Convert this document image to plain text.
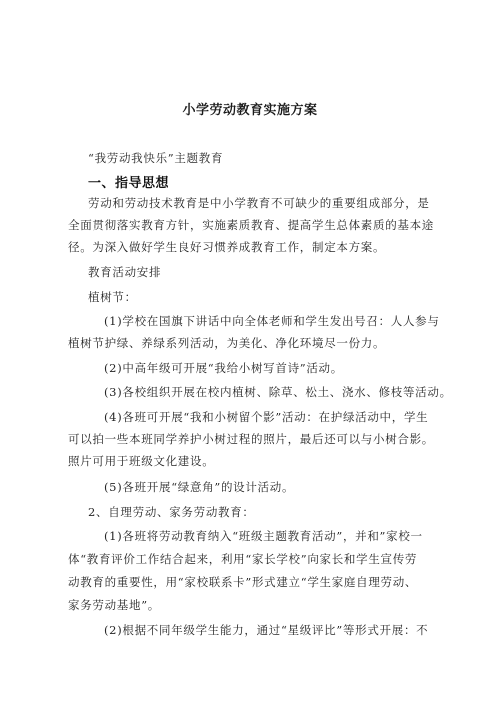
小学劳动教育实施方案
“我劳动我快乐”主题教育
一、指导思想
劳动和劳动技术教育是中小学教育不可缺少的重要组成部分，是
全面贯彻落实教育方针，实施素质教育、提高学生总体素质的基本途
径。为深入做好学生良好习惯养成教育工作，制定本方案。
教育活动安排
植树节：
(1)学校在国旗下讲话中向全体老师和学生发出号召：人人参与
植树节护绿、养绿系列活动，为美化、净化环境尽一份力。
(2)中高年级可开展“我给小树写首诗”活动。
(3)各校组织开展在校内植树、除草、松土、浇水、修枝等活动。
(4)各班可开展“我和小树留个影”活动：在护绿活动中，学生
可以拍一些本班同学养护小树过程的照片，最后还可以与小树合影。
照片可用于班级文化建设。
(5)各班开展“绿意角”的设计活动。
2、自理劳动、家务劳动教育：
(1)各班将劳动教育纳入“班级主题教育活动”，并和”家校一
体“教育评价工作结合起来，利用“家长学校”向家长和学生宣传劳
动教育的重要性，用“家校联系卡”形式建立“学生家庭自理劳动、
家务劳动基地”。
(2)根据不同年级学生能力，通过“星级评比”等形式开展：不
